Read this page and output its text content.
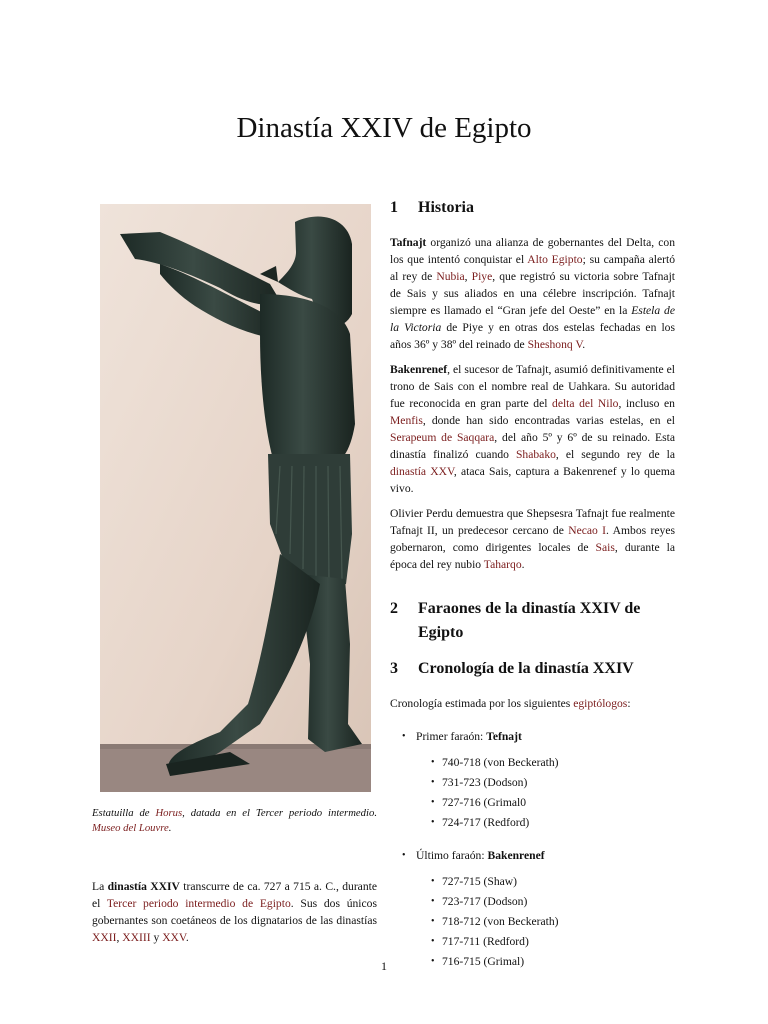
Dinastía XXIV de Egipto
Estatuilla de Horus, datada en el Tercer periodo intermedio. Museo del Louvre.

La dinastía XXIV transcurre de ca. 727 a 715 a. C., durante el Tercer periodo intermedio de Egipto. Sus dos únicos gobernantes son coetáneos de los dignatarios de las dinastías XXII, XXIII y XXV.

1	Historia

Tafnajt organizó una alianza de gobernantes del Delta, con los que intentó conquistar el Alto Egipto; su campaña alertó al rey de Nubia, Piye, que registró su victoria sobre Tafnajt de Sais y sus aliados en una célebre inscripción. Tafnajt siempre es llamado el “Gran jefe del Oeste” en la Estela de la Victoria de Piye y en otras dos estelas fechadas en los años 36º y 38º del reinado de Sheshonq V.

Bakenrenef, el sucesor de Tafnajt, asumió definitivamente el trono de Sais con el nombre real de Uahkara. Su autoridad fue reconocida en gran parte del delta del Nilo, incluso en Menfis, donde han sido encontradas varias estelas, en el Serapeum de Saqqara, del año 5º y 6º de su reinado. Esta dinastía finalizó cuando Shabako, el segundo rey de la dinastía XXV, ataca Sais, captura a Bakenrenef y lo quema vivo.

Olivier Perdu demuestra que Shepsesra Tafnajt fue realmente Tafnajt II, un predecesor cercano de Necao I. Ambos reyes gobernaron, como dirigentes locales de Sais, durante la época del rey nubio Taharqo.

2	Faraones de la dinastía XXIV de Egipto
3	Cronología de la dinastía XXIV

Cronología estimada por los siguientes egiptólogos:

• Primer faraón: Tefnajt
• 740-718 (von Beckerath)
• 731-723 (Dodson)
• 727-716 (Grimal0
• 724-717 (Redford)
• Último faraón: Bakenrenef
• 727-715 (Shaw)
• 723-717 (Dodson)
• 718-712 (von Beckerath)
• 717-711 (Redford)
• 716-715 (Grimal)
1
